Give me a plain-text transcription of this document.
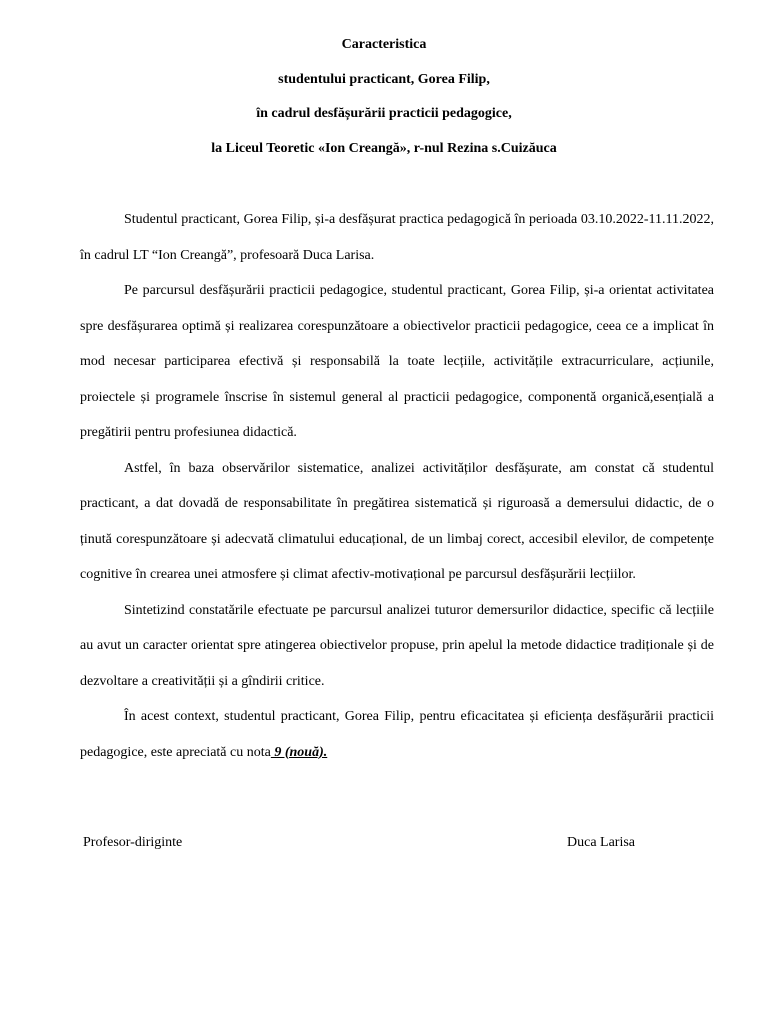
Caracteristica
studentului practicant, Gorea Filip,
în cadrul desfășurării practicii pedagogice,
la Liceul Teoretic «Ion Creangă», r-nul Rezina s.Cuizăuca

Studentul practicant, Gorea Filip, și-a desfășurat practica pedagogică în perioada 03.10.2022-11.11.2022, în cadrul LT “Ion Creangă”, profesoară Duca Larisa.

Pe parcursul desfășurării practicii pedagogice, studentul practicant, Gorea Filip, și-a orientat activitatea spre desfășurarea optimă și realizarea corespunzătoare a obiectivelor practicii pedagogice, ceea ce a implicat în mod necesar participarea efectivă și responsabilă la toate lecțiile, activitățile extracurriculare, acțiunile, proiectele și programele înscrise în sistemul general al practicii pedagogice, componentă organică,esențială a pregătirii pentru profesiunea didactică.

Astfel, în baza observărilor sistematice, analizei activităților desfășurate, am constat că studentul practicant, a dat dovadă de responsabilitate în pregătirea sistematică și riguroasă a demersului didactic, de o ținută corespunzătoare și adecvată climatului educațional, de un limbaj corect, accesibil elevilor, de competențe cognitive în crearea unei atmosfere și climat afectiv-motivațional pe parcursul desfășurării lecțiilor.

Sintetizind constatările efectuate pe parcursul analizei tuturor demersurilor didactice, specific că lecțiile au avut un caracter orientat spre atingerea obiectivelor propuse, prin apelul la metode didactice tradiționale și de dezvoltare a creativității și a gîndirii critice.

În acest context, studentul practicant, Gorea Filip, pentru eficacitatea și eficiența desfășurării practicii pedagogice, este apreciată cu nota 9 (nouă).

Profesor-diriginte	Duca Larisa
